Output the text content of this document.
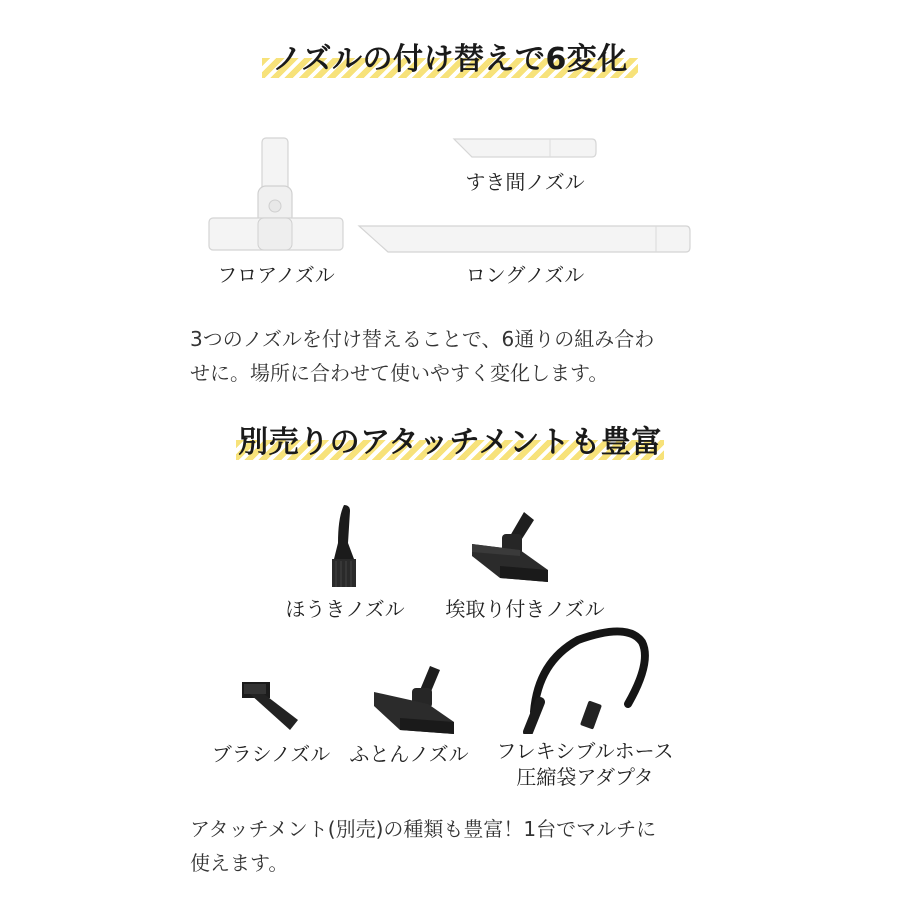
ノズルの付け替えで6変化
すき間ノズル
フロアノズル	ロングノズル
3つのノズルを付け替えることで、6通りの組み合わ
せに。場所に合わせて使いやすく変化します。
別売りのアタッチメントも豊富
ほうきノズル	埃取り付きノズル
ブラシノズル ふとんノズル	フレキシブルホース
圧縮袋アダプタ
アタッチメント(別売)の種類も豊富！1台でマルチに
使えます。
